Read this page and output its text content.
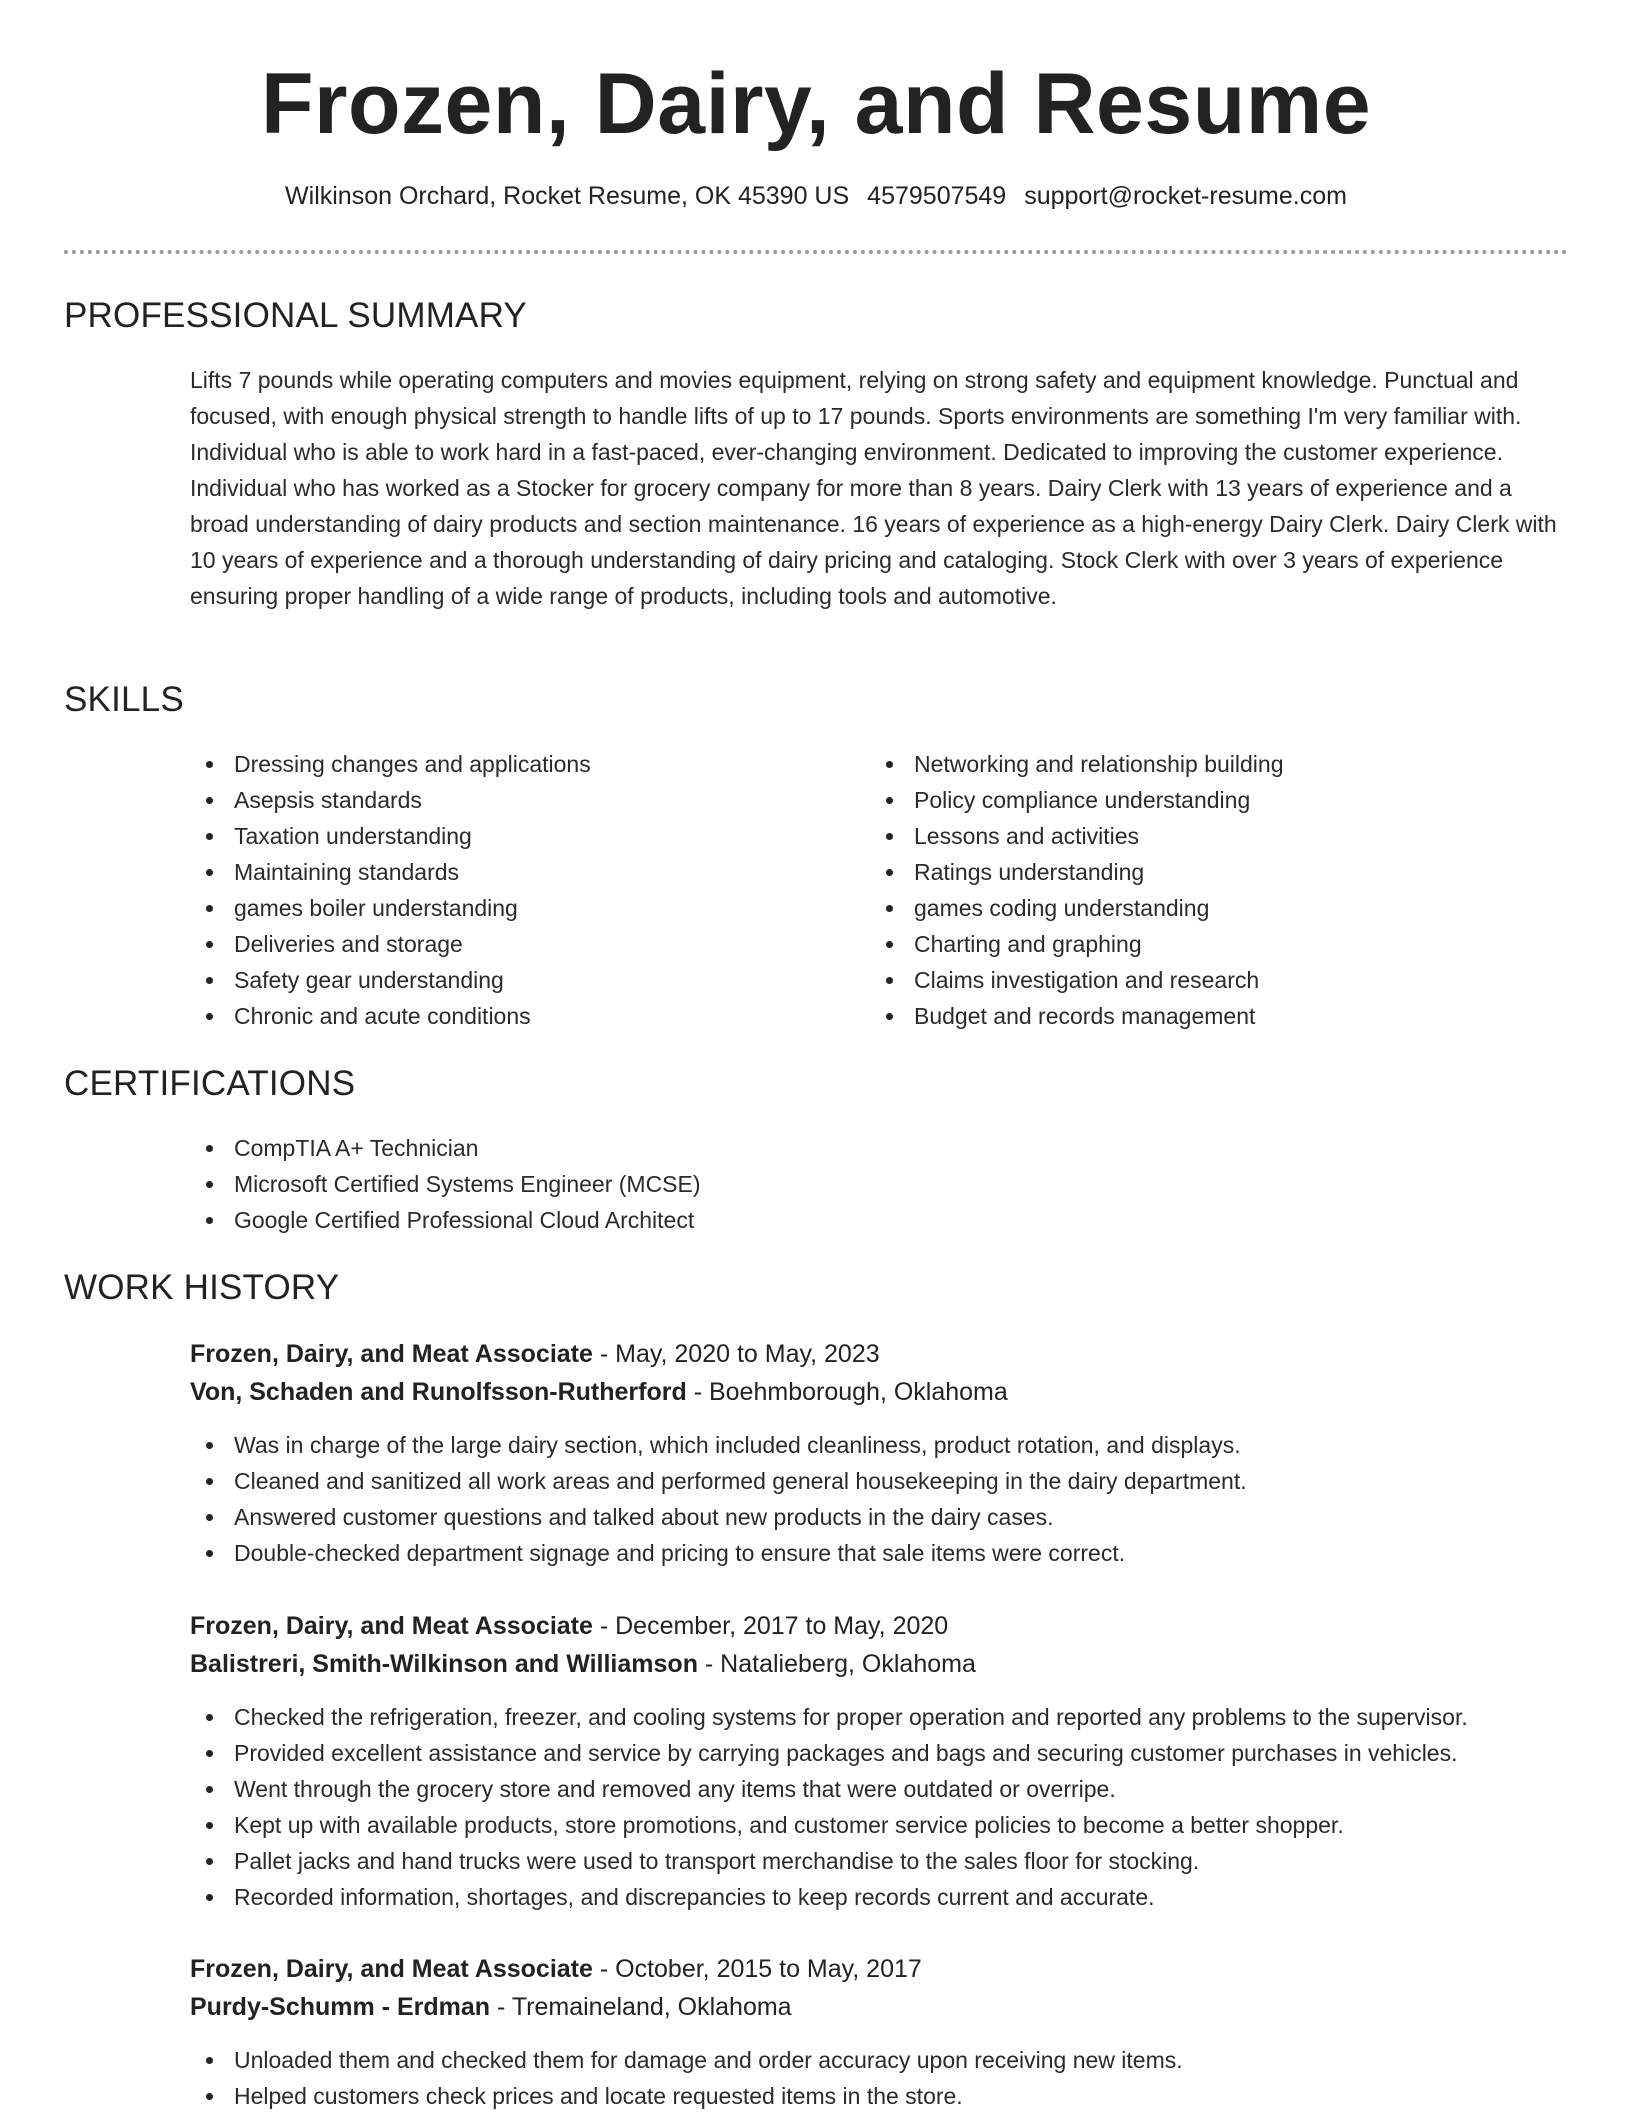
Frozen, Dairy, and Resume
Wilkinson Orchard, Rocket Resume, OK 45390 US 4579507549 support@rocket-resume.com
PROFESSIONAL SUMMARY

Lifts 7 pounds while operating computers and movies equipment, relying on strong safety and equipment knowledge. Punctual and focused, with enough physical strength to handle lifts of up to 17 pounds. Sports environments are something I'm very familiar with. Individual who is able to work hard in a fast-paced, ever-changing environment. Dedicated to improving the customer experience. Individual who has worked as a Stocker for grocery company for more than 8 years. Dairy Clerk with 13 years of experience and a broad understanding of dairy products and section maintenance. 16 years of experience as a high-energy Dairy Clerk. Dairy Clerk with 10 years of experience and a thorough understanding of dairy pricing and cataloging. Stock Clerk with over 3 years of experience ensuring proper handling of a wide range of products, including tools and automotive.

SKILLS
Dressing changes and applications
Asepsis standards
Taxation understanding
Maintaining standards
games boiler understanding
Deliveries and storage
Safety gear understanding
Chronic and acute conditions
Networking and relationship building
Policy compliance understanding
Lessons and activities
Ratings understanding
games coding understanding
Charting and graphing
Claims investigation and research
Budget and records management
CERTIFICATIONS
CompTIA A+ Technician
Microsoft Certified Systems Engineer (MCSE)
Google Certified Professional Cloud Architect
WORK HISTORY
Frozen, Dairy, and Meat Associate - May, 2020 to May, 2023
Von, Schaden and Runolfsson-Rutherford - Boehmborough, Oklahoma
Was in charge of the large dairy section, which included cleanliness, product rotation, and displays.
Cleaned and sanitized all work areas and performed general housekeeping in the dairy department.
Answered customer questions and talked about new products in the dairy cases.
Double-checked department signage and pricing to ensure that sale items were correct.
Frozen, Dairy, and Meat Associate - December, 2017 to May, 2020
Balistreri, Smith-Wilkinson and Williamson - Natalieberg, Oklahoma
Checked the refrigeration, freezer, and cooling systems for proper operation and reported any problems to the supervisor.
Provided excellent assistance and service by carrying packages and bags and securing customer purchases in vehicles.
Went through the grocery store and removed any items that were outdated or overripe.
Kept up with available products, store promotions, and customer service policies to become a better shopper.
Pallet jacks and hand trucks were used to transport merchandise to the sales floor for stocking.
Recorded information, shortages, and discrepancies to keep records current and accurate.
Frozen, Dairy, and Meat Associate - October, 2015 to May, 2017
Purdy-Schumm - Erdman - Tremaineland, Oklahoma
Unloaded them and checked them for damage and order accuracy upon receiving new items.
Helped customers check prices and locate requested items in the store.
